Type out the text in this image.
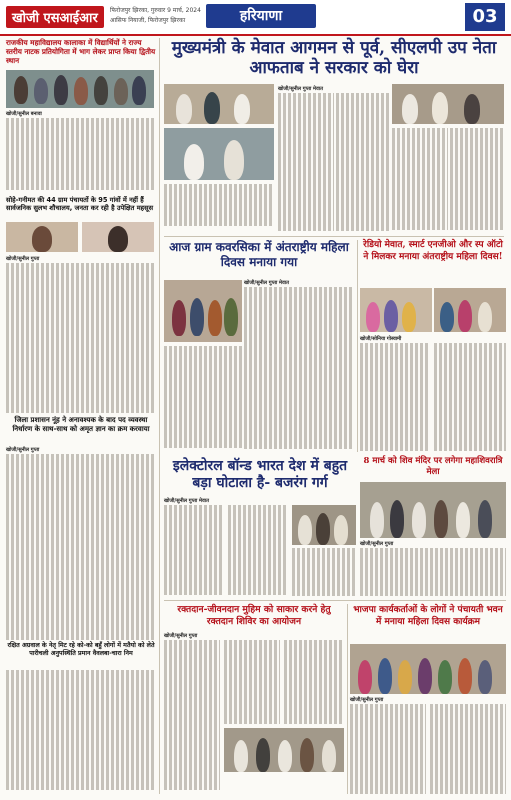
खोजी एसआईआर
फिरोजपुर झिरका, गुरुवार 9 मार्च, 2024
आसिफ नियाजी, फिरोजपुर झिरका	हरियाणा	03
राजकीय महाविद्यालय कालाका में विद्यार्थियों ने राज्य स्तरीय नाटक प्रतियोगिता में भाग लेकर प्राप्त किया द्वितीय स्थान
खोजी/सुनील बनावा
सोहे-गनीमत की 44 ग्राम पंचायतों के 95 गांवों में नहीं हैं सार्वजनिक सुलभ शौचालय, जनता कर रही है उपेक्षित महसूस
खोजी/सुनील गुप्ता
जिला प्रशासन नूंह ने अनावश्यक के बाद पद व्यवस्था निर्धारण के साथ-साथ को अमृत ज्ञान का क्रम करवाया
खोजी/सुनील गुप्ता
रक्षित अग्रवाल के नेतृ मिट रहे को-को बहुँ लोगों में मतैयो को लेते पारीचली अनुपस्थिति प्रमान वैवलबा-चारा निम
मुख्यमंत्री के मेवात आगमन से पूर्व, सीएलपी उप नेता आफताब ने सरकार को घेरा
खोजी/सुनील गुप्ता मेवात
आज ग्राम कवरसिका में अंतराष्ट्रीय महिला दिवस मनाया गया
खोजी/सुनील गुप्ता मेवात
रेडियो मेवात, स्मार्ट एनजीओ और स्प ऑटो ने मिलकर मनाया अंतराष्ट्रीय महिला दिवस!
खोजी/सोनिया गोस्वामी
8 मार्च को शिव मंदिर पर लगेगा महाशिवरात्रि मेला
खोजी/सुनील गुप्ता
इलेक्टोरल बॉन्ड भारत देश में बहुत बड़ा घोटाला है- बजरंग गर्ग
खोजी/सुनील गुप्ता मेवात
रक्तदान-जीवनदान मुहिम को साकार करने हेतु रक्तदान शिविर का आयोजन
खोजी/सुनील गुप्ता
भाजपा कार्यकर्ताओं के लोगों ने पंचायती भवन में मनाया महिला दिवस कार्यक्रम
खोजी/सुनील गुप्ता
